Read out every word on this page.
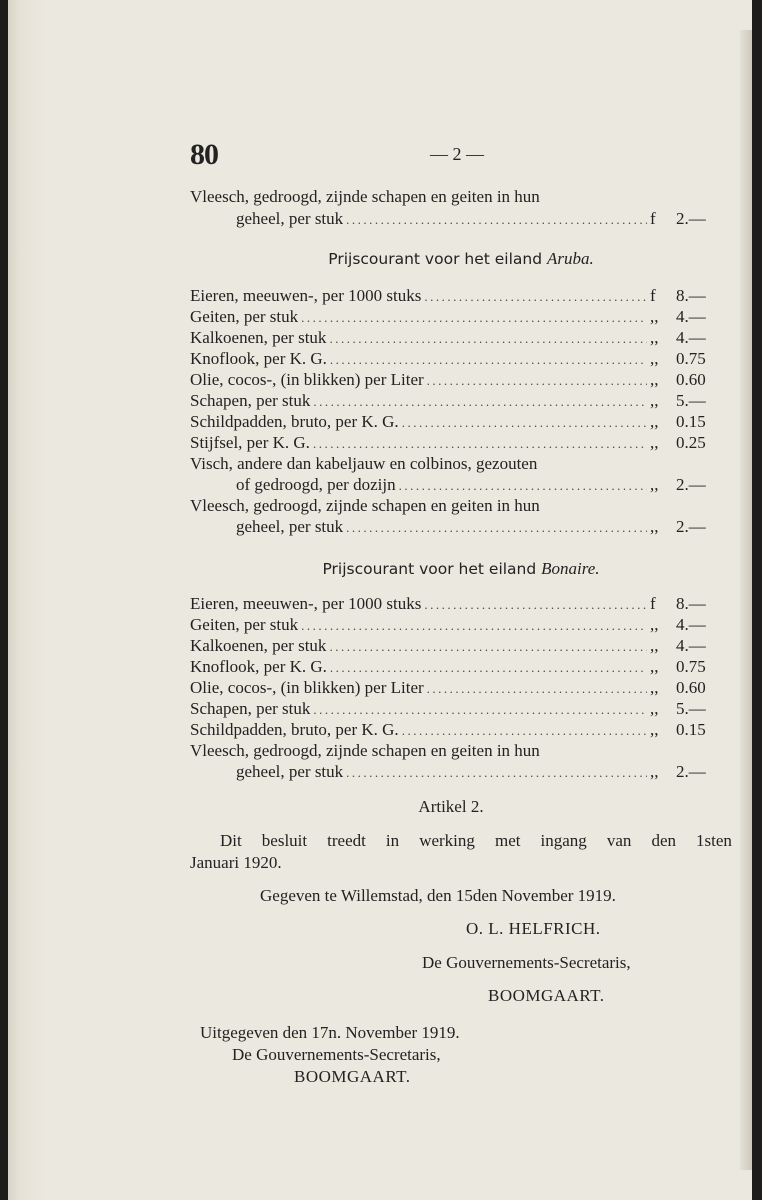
80	— 2 —
Vleesch, gedroogd, zijnde schapen en geiten in hun
geheel, per stuk .....	f	2.—
Prijscourant voor het eiland Aruba.
Eieren, meeuwen-, per 1000 stuks .....	f	8.—
Geiten, per stuk .....	,,	4.—
Kalkoenen, per stuk .....	,,	4.—
Knoflook, per K. G. .....	,,	0.75
Olie, cocos-, (in blikken) per Liter .....	,,	0.60
Schapen, per stuk .....	,,	5.—
Schildpadden, bruto, per K. G. .....	,,	0.15
Stijfsel, per K. G. .....	,,	0.25
Visch, andere dan kabeljauw en colbinos, gezouten
of gedroogd, per dozijn .....	,,	2.—
Vleesch, gedroogd, zijnde schapen en geiten in hun
geheel, per stuk .....	,,	2.—
Prijscourant voor het eiland Bonaire.
Eieren, meeuwen-, per 1000 stuks .....	f	8.—
Geiten, per stuk .....	,,	4.—
Kalkoenen, per stuk .....	,,	4.—
Knoflook, per K. G. .....	,,	0.75
Olie, cocos-, (in blikken) per Liter .....	,,	0.60
Schapen, per stuk .....	,,	5.—
Schildpadden, bruto, per K. G. .....	,,	0.15
Vleesch, gedroogd, zijnde schapen en geiten in hun
geheel, per stuk .....	,,	2.—
Artikel 2.
Dit besluit treedt in werking met ingang van den 1sten
Januari 1920.
Gegeven te Willemstad, den 15den November 1919.
O. L. HELFRICH.
De Gouvernements-Secretaris,
BOOMGAART.
Uitgegeven den 17n. November 1919.
De Gouvernements-Secretaris,
BOOMGAART.
